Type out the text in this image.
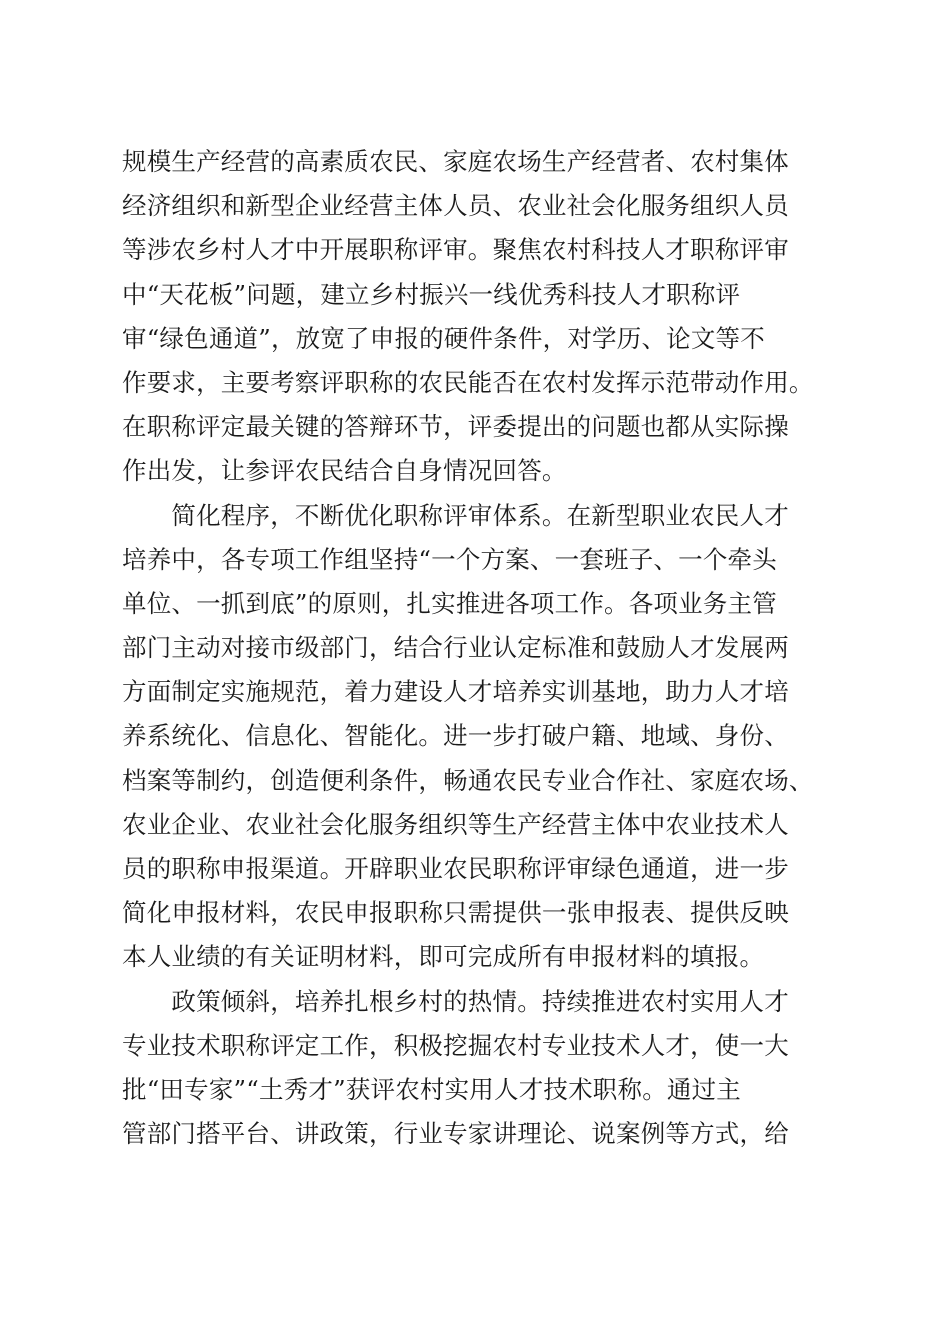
规模生产经营的高素质农民、家庭农场生产经营者、农村集体
经济组织和新型企业经营主体人员、农业社会化服务组织人员
等涉农乡村人才中开展职称评审。聚焦农村科技人才职称评审
中“天花板”问题，建立乡村振兴一线优秀科技人才职称评
审“绿色通道”，放宽了申报的硬件条件，对学历、论文等不
作要求，主要考察评职称的农民能否在农村发挥示范带动作用。
在职称评定最关键的答辩环节，评委提出的问题也都从实际操
作出发，让参评农民结合自身情况回答。

　　简化程序，不断优化职称评审体系。在新型职业农民人才
培养中，各专项工作组坚持“一个方案、一套班子、一个牵头
单位、一抓到底”的原则，扎实推进各项工作。各项业务主管
部门主动对接市级部门，结合行业认定标准和鼓励人才发展两
方面制定实施规范，着力建设人才培养实训基地，助力人才培
养系统化、信息化、智能化。进一步打破户籍、地域、身份、
档案等制约，创造便利条件，畅通农民专业合作社、家庭农场、
农业企业、农业社会化服务组织等生产经营主体中农业技术人
员的职称申报渠道。开辟职业农民职称评审绿色通道，进一步
简化申报材料，农民申报职称只需提供一张申报表、提供反映
本人业绩的有关证明材料，即可完成所有申报材料的填报。

　　政策倾斜，培养扎根乡村的热情。持续推进农村实用人才
专业技术职称评定工作，积极挖掘农村专业技术人才，使一大
批“田专家”“土秀才”获评农村实用人才技术职称。通过主
管部门搭平台、讲政策，行业专家讲理论、说案例等方式，给
